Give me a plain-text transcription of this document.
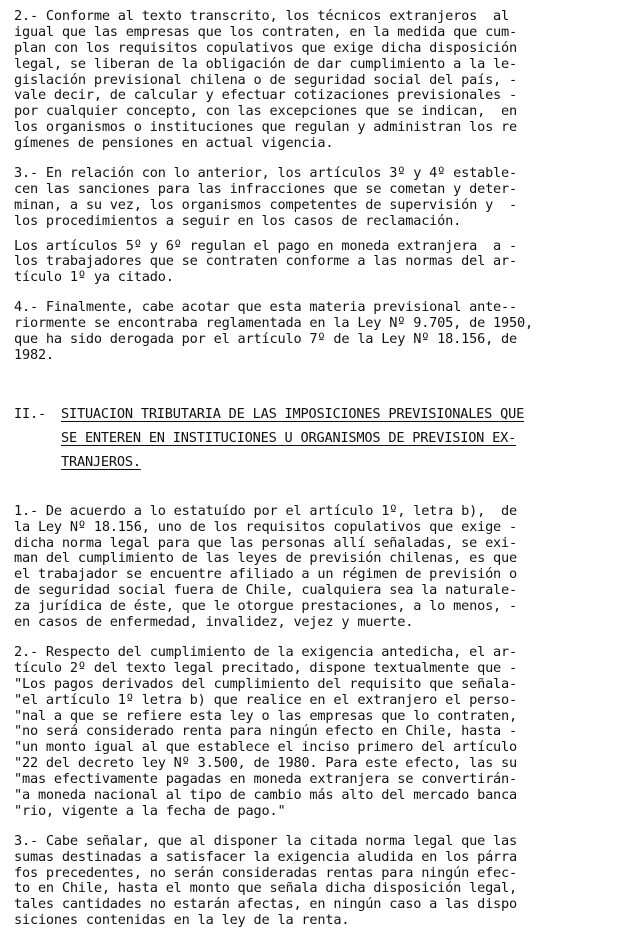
2.- Conforme al texto transcrito, los técnicos extranjeros  al
igual que las empresas que los contraten, en la medida que cum-
plan con los requisitos copulativos que exige dicha disposición
legal, se liberan de la obligación de dar cumplimiento a la le-
gislación previsional chilena o de seguridad social del país, -
vale decir, de calcular y efectuar cotizaciones previsionales -
por cualquier concepto, con las excepciones que se indican,  en
los organismos o instituciones que regulan y administran los re
gímenes de pensiones en actual vigencia.
3.- En relación con lo anterior, los artículos 3º y 4º estable-
cen las sanciones para las infracciones que se cometan y deter-
minan, a su vez, los organismos competentes de supervisión y  -
los procedimientos a seguir en los casos de reclamación.
Los artículos 5º y 6º regulan el pago en moneda extranjera  a -
los trabajadores que se contraten conforme a las normas del ar-
tículo 1º ya citado.
4.- Finalmente, cabe acotar que esta materia previsional ante--
riormente se encontraba reglamentada en la Ley Nº 9.705, de 1950,
que ha sido derogada por el artículo 7º de la Ley Nº 18.156, de
1982.
II.- SITUACION TRIBUTARIA DE LAS IMPOSICIONES PREVISIONALES QUE
SE ENTEREN EN INSTITUCIONES U ORGANISMOS DE PREVISION EX-
TRANJEROS.
1.- De acuerdo a lo estatuído por el artículo 1º, letra b),  de
la Ley Nº 18.156, uno de los requisitos copulativos que exige -
dicha norma legal para que las personas allí señaladas, se exi-
man del cumplimiento de las leyes de previsión chilenas, es que
el trabajador se encuentre afiliado a un régimen de previsión o
de seguridad social fuera de Chile, cualquiera sea la naturale-
za jurídica de éste, que le otorgue prestaciones, a lo menos, -
en casos de enfermedad, invalidez, vejez y muerte.
2.- Respecto del cumplimiento de la exigencia antedicha, el ar-
tículo 2º del texto legal precitado, dispone textualmente que -
"Los pagos derivados del cumplimiento del requisito que señala-
"el artículo 1º letra b) que realice en el extranjero el perso-
"nal a que se refiere esta ley o las empresas que lo contraten,
"no será considerado renta para ningún efecto en Chile, hasta -
"un monto igual al que establece el inciso primero del artículo
"22 del decreto ley Nº 3.500, de 1980. Para este efecto, las su
"mas efectivamente pagadas en moneda extranjera se convertirán-
"a moneda nacional al tipo de cambio más alto del mercado banca
"rio, vigente a la fecha de pago."
3.- Cabe señalar, que al disponer la citada norma legal que las
sumas destinadas a satisfacer la exigencia aludida en los párra
fos precedentes, no serán consideradas rentas para ningún efec-
to en Chile, hasta el monto que señala dicha disposición legal,
tales cantidades no estarán afectas, en ningún caso a las dispo
siciones contenidas en la ley de la renta.
